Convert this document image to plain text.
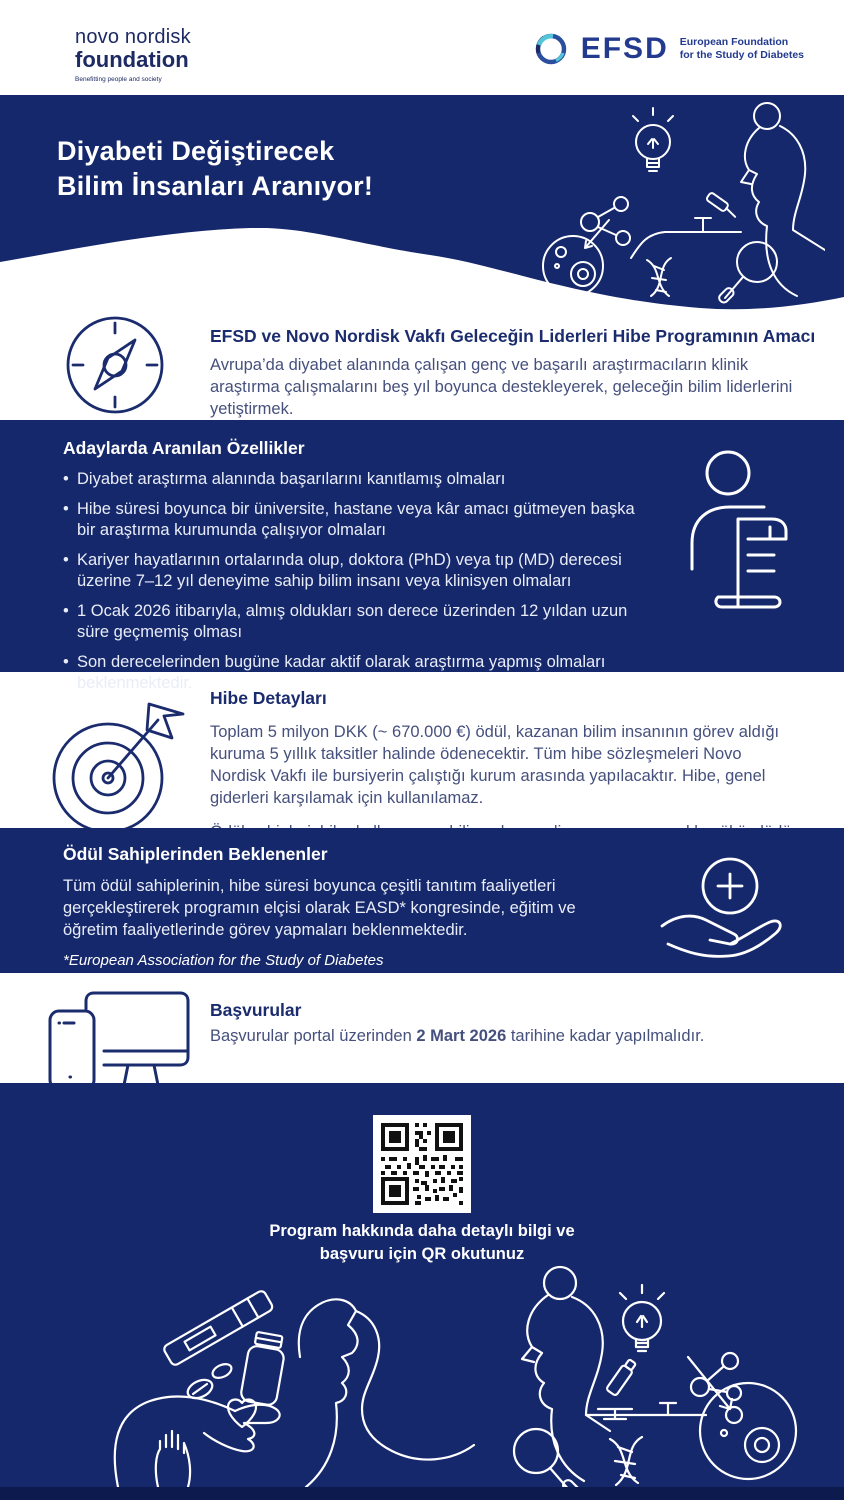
novo nordisk
foundation
Benefitting people and society
EFSD European Foundation
for the Study of Diabetes
Diyabeti Değiştirecek
Bilim İnsanları Aranıyor!
EFSD ve Novo Nordisk Vakfı Geleceğin Liderleri Hibe Programının Amacı

Avrupa’da diyabet alanında çalışan genç ve başarılı araştırmacıların klinik araştırma çalışmalarını beş yıl boyunca destekleyerek, geleceğin bilim liderlerini yetiştirmek.

Adaylarda Aranılan Özellikler
• Diyabet araştırma alanında başarılarını kanıtlamış olmaları
• Hibe süresi boyunca bir üniversite, hastane veya kâr amacı gütmeyen başka bir araştırma kurumunda çalışıyor olmaları
• Kariyer hayatlarının ortalarında olup, doktora (PhD) veya tıp (MD) derecesi üzerine 7–12 yıl deneyime sahip bilim insanı veya klinisyen olmaları
• 1 Ocak 2026 itibarıyla, almış oldukları son derece üzerinden 12 yıldan uzun süre geçmemiş olması
• Son derecelerinden bugüne kadar aktif olarak araştırma yapmış olmaları beklenmektedir.
Hibe Detayları

Toplam 5 milyon DKK (~ 670.000 €) ödül, kazanan bilim insanının görev aldığı kuruma 5 yıllık taksitler halinde ödenecektir. Tüm hibe sözleşmeleri Novo Nordisk Vakfı ile bursiyerin çalıştığı kurum arasında yapılacaktır. Hibe, genel giderleri karşılamak için kullanılamaz.

Ödül Sahiplerinden Beklenenler

Tüm ödül sahiplerinin, hibe süresi boyunca çeşitli tanıtım faaliyetleri gerçekleştirerek programın elçisi olarak EASD* kongresinde, eğitim ve öğretim faaliyetlerinde görev yapmaları beklenmektedir.

*European Association for the Study of Diabetes
Başvurular

Başvurular portal üzerinden 2 Mart 2026 tarihine kadar yapılmalıdır.

Program hakkında daha detaylı bilgi ve
başvuru için QR okutunuz
